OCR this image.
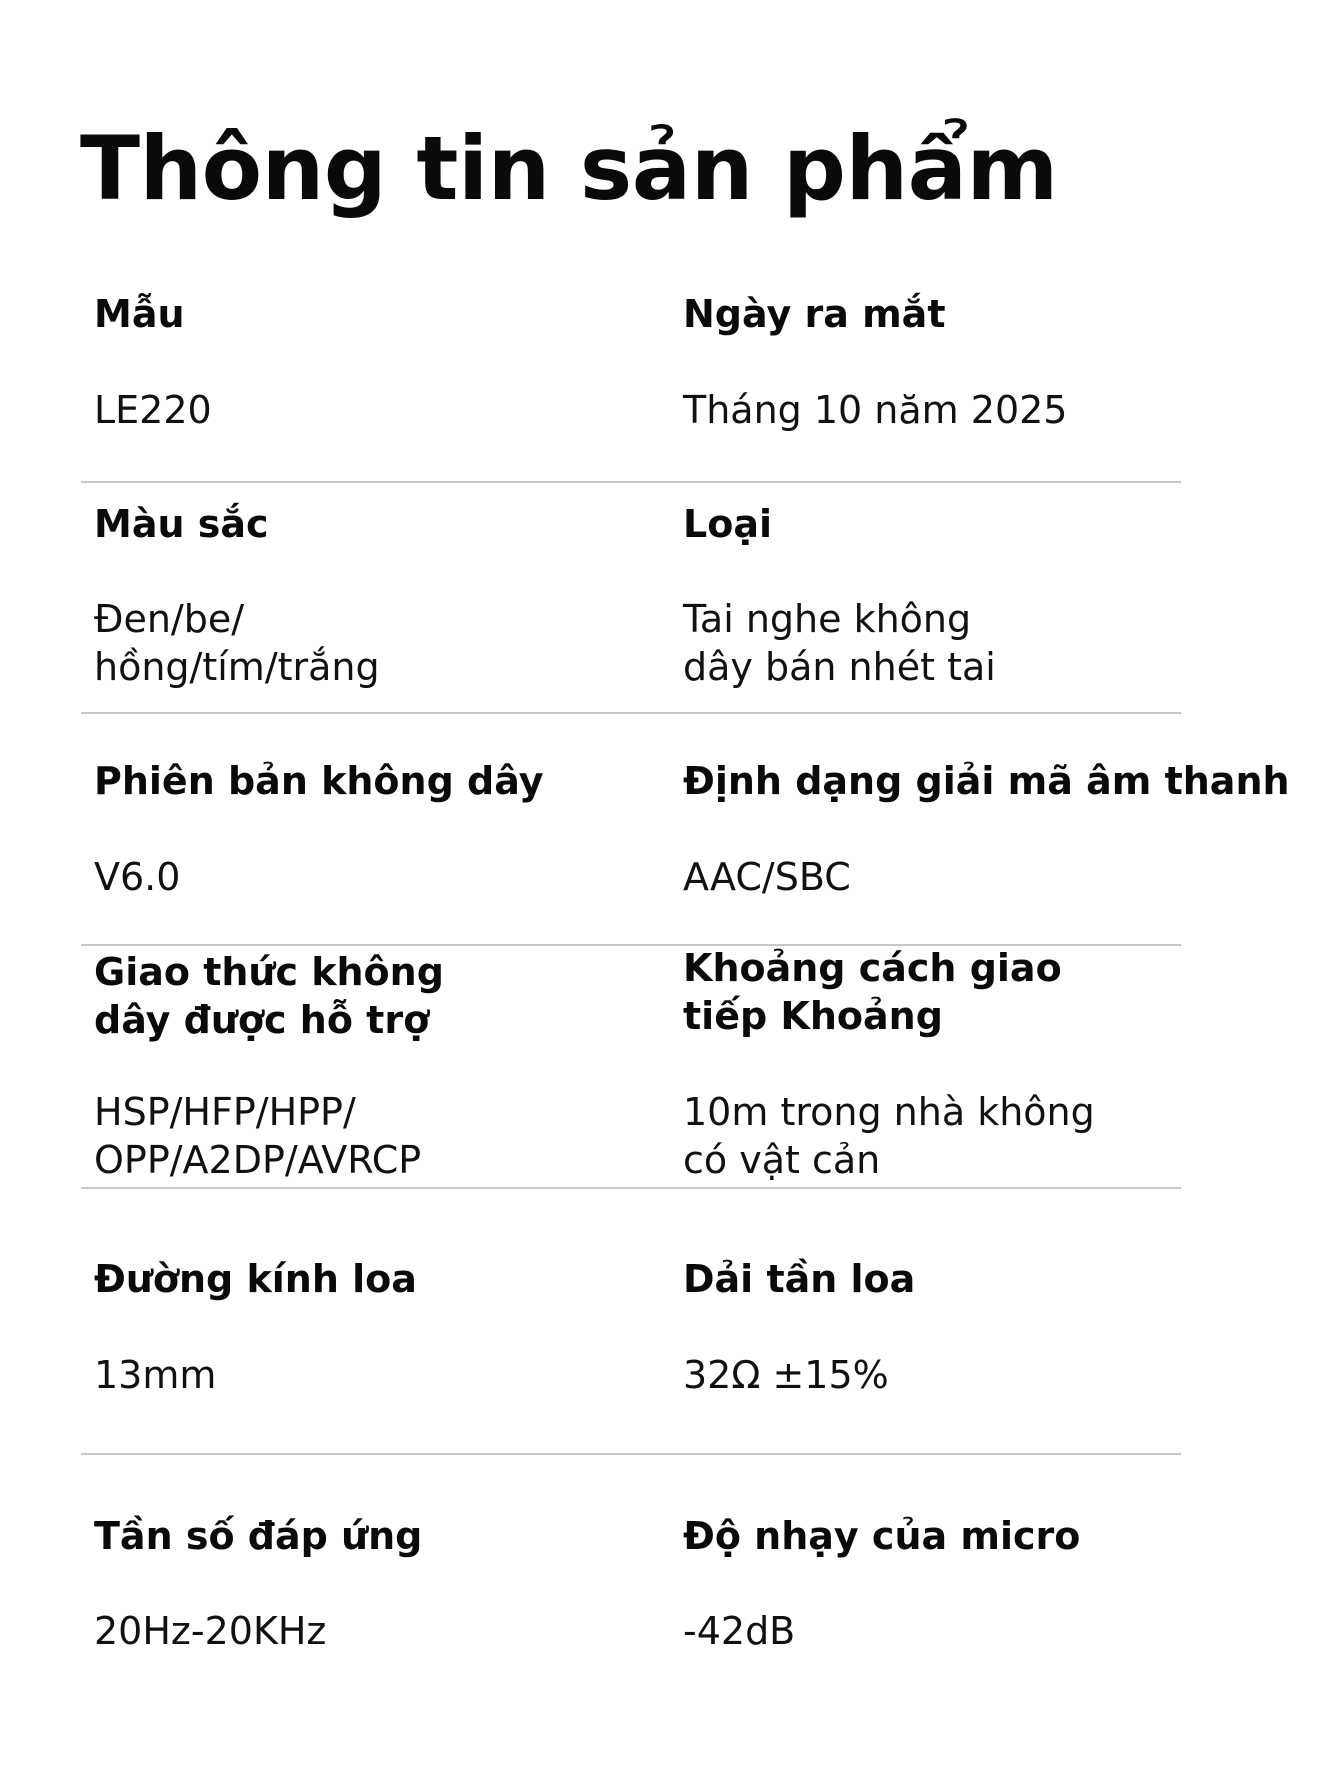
Thông tin sản phẩm
Mẫu
LE220
Ngày ra mắt
Tháng 10 năm 2025
Màu sắc
Đen/be/
hồng/tím/trắng
Loại
Tai nghe không
dây bán nhét tai
Phiên bản không dây
V6.0
Định dạng giải mã âm thanh
AAC/SBC
Giao thức không
dây được hỗ trợ
HSP/HFP/HPP/
OPP/A2DP/AVRCP
Khoảng cách giao
tiếp Khoảng
10m trong nhà không
có vật cản
Đường kính loa
13mm
Dải tần loa
32Ω ±15%
Tần số đáp ứng
20Hz-20KHz
Độ nhạy của micro
-42dB
